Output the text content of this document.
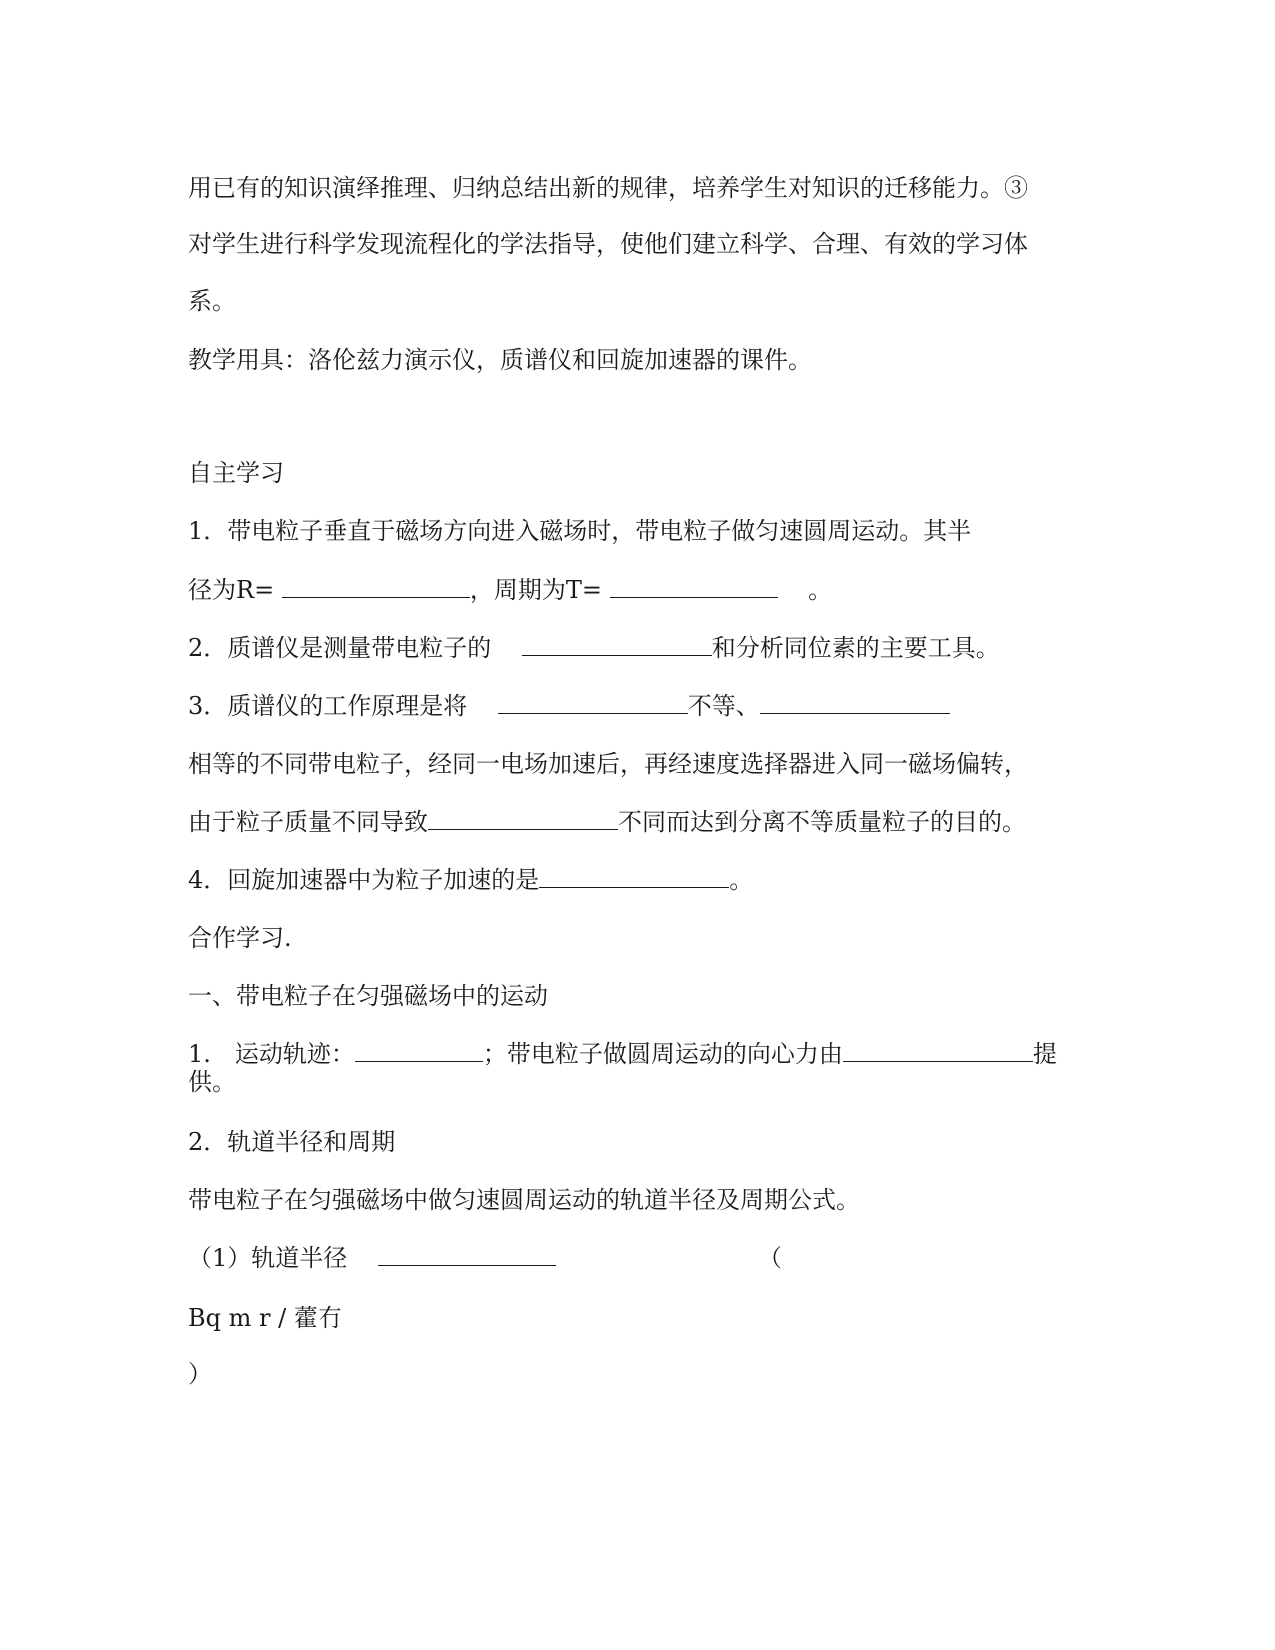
用已有的知识演绎推理、归纳总结出新的规律，培养学生对知识的迁移能力。③
对学生进行科学发现流程化的学法指导，使他们建立科学、合理、有效的学习体
系。
教学用具：洛伦兹力演示仪，质谱仪和回旋加速器的课件。
自主学习
1．带电粒子垂直于磁场方向进入磁场时，带电粒子做匀速圆周运动。其半
径为R=	，周期为T=	。
2．质谱仪是测量带电粒子的	和分析同位素的主要工具。
3．质谱仪的工作原理是将	不等、
相等的不同带电粒子，经同一电场加速后，再经速度选择器进入同一磁场偏转，
由于粒子质量不同导致	不同而达到分离不等质量粒子的目的。
4．回旋加速器中为粒子加速的是	。
合作学习.
一、带电粒子在匀强磁场中的运动
1.　运动轨迹：	；带电粒子做圆周运动的向心力由	提
供。
2．轨道半径和周期
带电粒子在匀强磁场中做匀速圆周运动的轨道半径及周期公式。
（1）轨道半径	（
Bq m r / 藿冇
）
